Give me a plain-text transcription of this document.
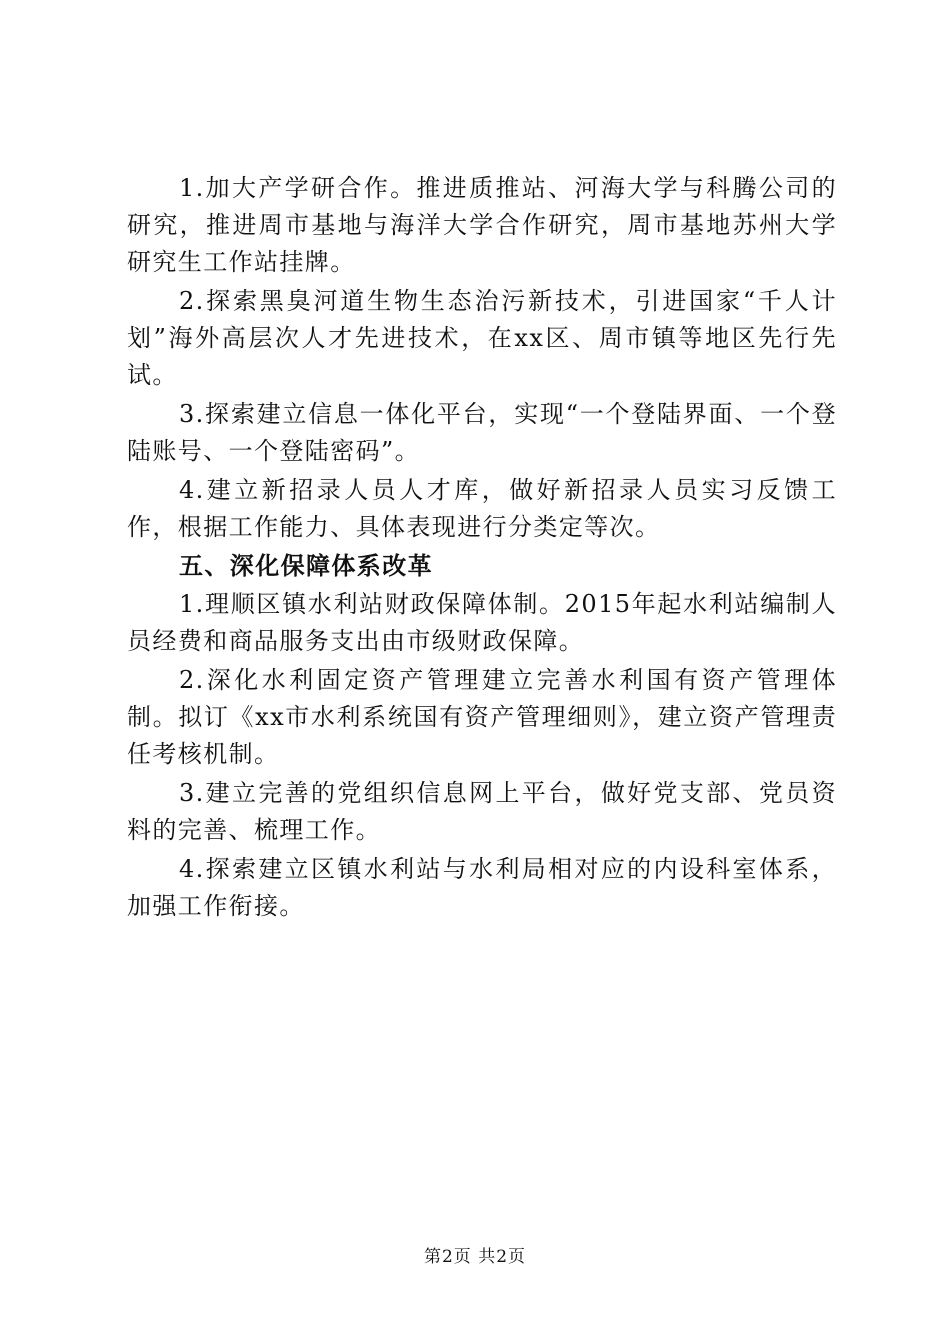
1.加大产学研合作。推进质推站、河海大学与科腾公司的研究，推进周市基地与海洋大学合作研究，周市基地苏州大学研究生工作站挂牌。

2.探索黑臭河道生物生态治污新技术，引进国家“千人计划”海外高层次人才先进技术，在xx区、周市镇等地区先行先试。

3.探索建立信息一体化平台，实现“一个登陆界面、一个登陆账号、一个登陆密码”。

4.建立新招录人员人才库，做好新招录人员实习反馈工作，根据工作能力、具体表现进行分类定等次。

五、深化保障体系改革

1.理顺区镇水利站财政保障体制。2015年起水利站编制人员经费和商品服务支出由市级财政保障。

2.深化水利固定资产管理建立完善水利国有资产管理体制。拟订《xx市水利系统国有资产管理细则》，建立资产管理责任考核机制。

3.建立完善的党组织信息网上平台，做好党支部、党员资料的完善、梳理工作。

4.探索建立区镇水利站与水利局相对应的内设科室体系，加强工作衔接。

第2页 共2页
